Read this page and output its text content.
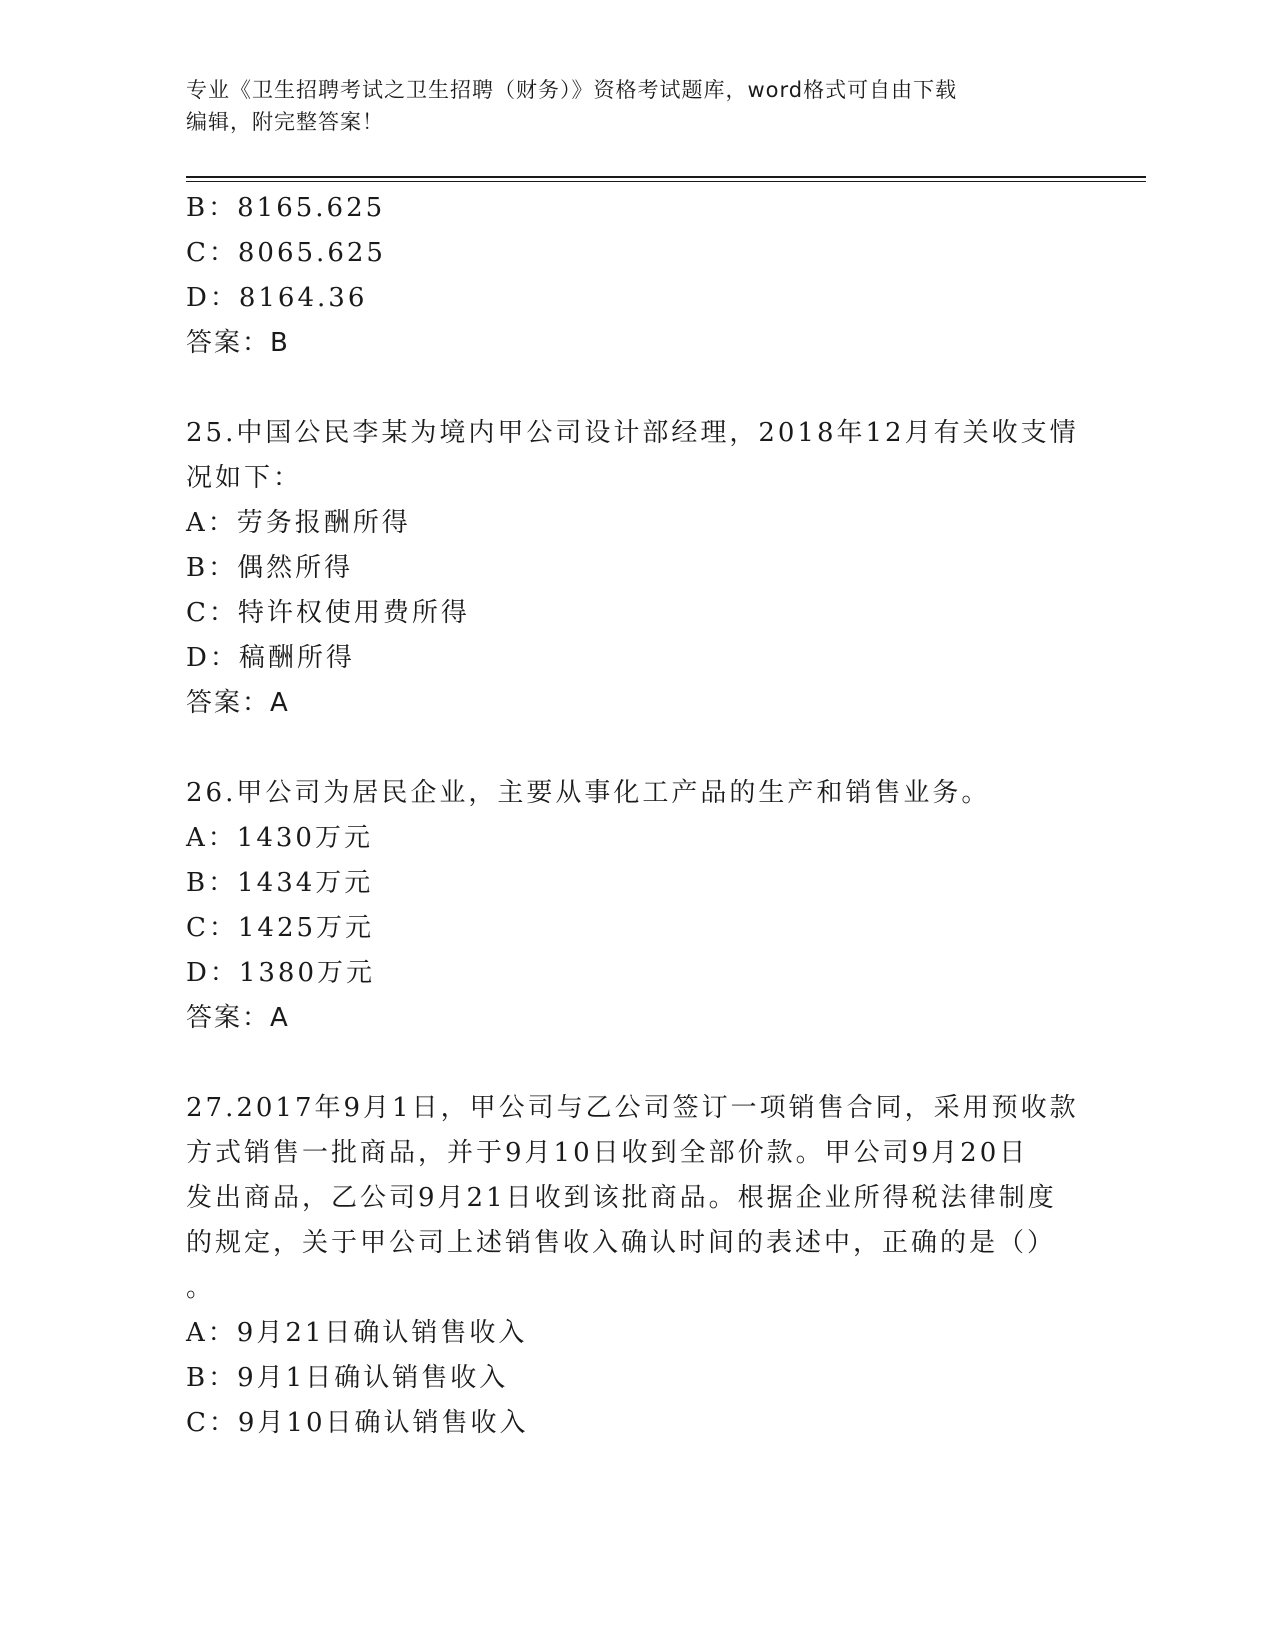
专业《卫生招聘考试之卫生招聘（财务）》资格考试题库，word格式可自由下载
编辑，附完整答案！

B：8165.625

C：8065.625

D：8164.36

答案：B

25.中国公民李某为境内甲公司设计部经理，2018年12月有关收支情

况如下：

A：劳务报酬所得

B：偶然所得

C：特许权使用费所得

D：稿酬所得

答案：A

26.甲公司为居民企业，主要从事化工产品的生产和销售业务。

A：1430万元

B：1434万元

C：1425万元

D：1380万元

答案：A

27.2017年9月1日，甲公司与乙公司签订一项销售合同，采用预收款

方式销售一批商品，并于9月10日收到全部价款。甲公司9月20日

发出商品，乙公司9月21日收到该批商品。根据企业所得税法律制度

的规定，关于甲公司上述销售收入确认时间的表述中，正确的是（）

。

A：9月21日确认销售收入

B：9月1日确认销售收入

C：9月10日确认销售收入
